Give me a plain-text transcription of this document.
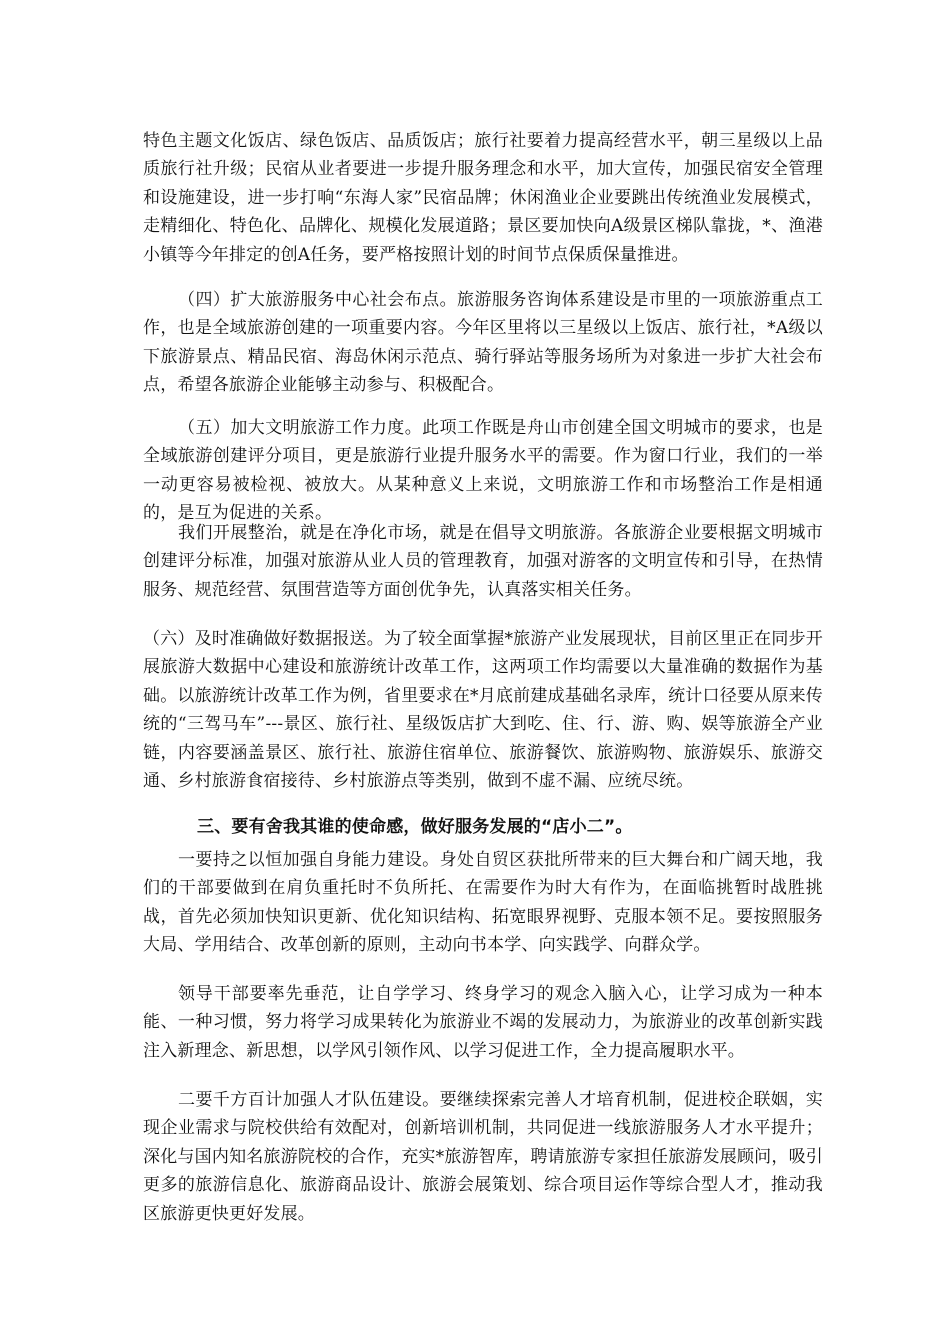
特色主题文化饭店、绿色饭店、品质饭店；旅行社要着力提高经营水平，朝三星级以上品质旅行社升级；民宿从业者要进一步提升服务理念和水平，加大宣传，加强民宿安全管理和设施建设，进一步打响“东海人家”民宿品牌；休闲渔业企业要跳出传统渔业发展模式，走精细化、特色化、品牌化、规模化发展道路；景区要加快向A级景区梯队靠拢，*、渔港小镇等今年排定的创A任务，要严格按照计划的时间节点保质保量推进。

（四）扩大旅游服务中心社会布点。旅游服务咨询体系建设是市里的一项旅游重点工作，也是全域旅游创建的一项重要内容。今年区里将以三星级以上饭店、旅行社，*A级以下旅游景点、精品民宿、海岛休闲示范点、骑行驿站等服务场所为对象进一步扩大社会布点，希望各旅游企业能够主动参与、积极配合。

（五）加大文明旅游工作力度。此项工作既是舟山市创建全国文明城市的要求，也是全域旅游创建评分项目，更是旅游行业提升服务水平的需要。作为窗口行业，我们的一举一动更容易被检视、被放大。从某种意义上来说，文明旅游工作和市场整治工作是相通的，是互为促进的关系。

我们开展整治，就是在净化市场，就是在倡导文明旅游。各旅游企业要根据文明城市创建评分标准，加强对旅游从业人员的管理教育，加强对游客的文明宣传和引导，在热情服务、规范经营、氛围营造等方面创优争先，认真落实相关任务。

（六）及时准确做好数据报送。为了较全面掌握*旅游产业发展现状，目前区里正在同步开展旅游大数据中心建设和旅游统计改革工作，这两项工作均需要以大量准确的数据作为基础。以旅游统计改革工作为例，省里要求在*月底前建成基础名录库，统计口径要从原来传统的“三驾马车”---景区、旅行社、星级饭店扩大到吃、住、行、游、购、娱等旅游全产业链，内容要涵盖景区、旅行社、旅游住宿单位、旅游餐饮、旅游购物、旅游娱乐、旅游交通、乡村旅游食宿接待、乡村旅游点等类别，做到不虚不漏、应统尽统。

三、要有舍我其谁的使命感，做好服务发展的“店小二”。

一要持之以恒加强自身能力建设。身处自贸区获批所带来的巨大舞台和广阔天地，我们的干部要做到在肩负重托时不负所托、在需要作为时大有作为，在面临挑暂时战胜挑战，首先必须加快知识更新、优化知识结构、拓宽眼界视野、克服本领不足。要按照服务大局、学用结合、改革创新的原则，主动向书本学、向实践学、向群众学。

领导干部要率先垂范，让自学学习、终身学习的观念入脑入心，让学习成为一种本能、一种习惯，努力将学习成果转化为旅游业不竭的发展动力，为旅游业的改革创新实践注入新理念、新思想，以学风引领作风、以学习促进工作，全力提高履职水平。

二要千方百计加强人才队伍建设。要继续探索完善人才培育机制，促进校企联姻，实现企业需求与院校供给有效配对，创新培训机制，共同促进一线旅游服务人才水平提升；深化与国内知名旅游院校的合作，充实*旅游智库，聘请旅游专家担任旅游发展顾问，吸引更多的旅游信息化、旅游商品设计、旅游会展策划、综合项目运作等综合型人才，推动我区旅游更快更好发展。
